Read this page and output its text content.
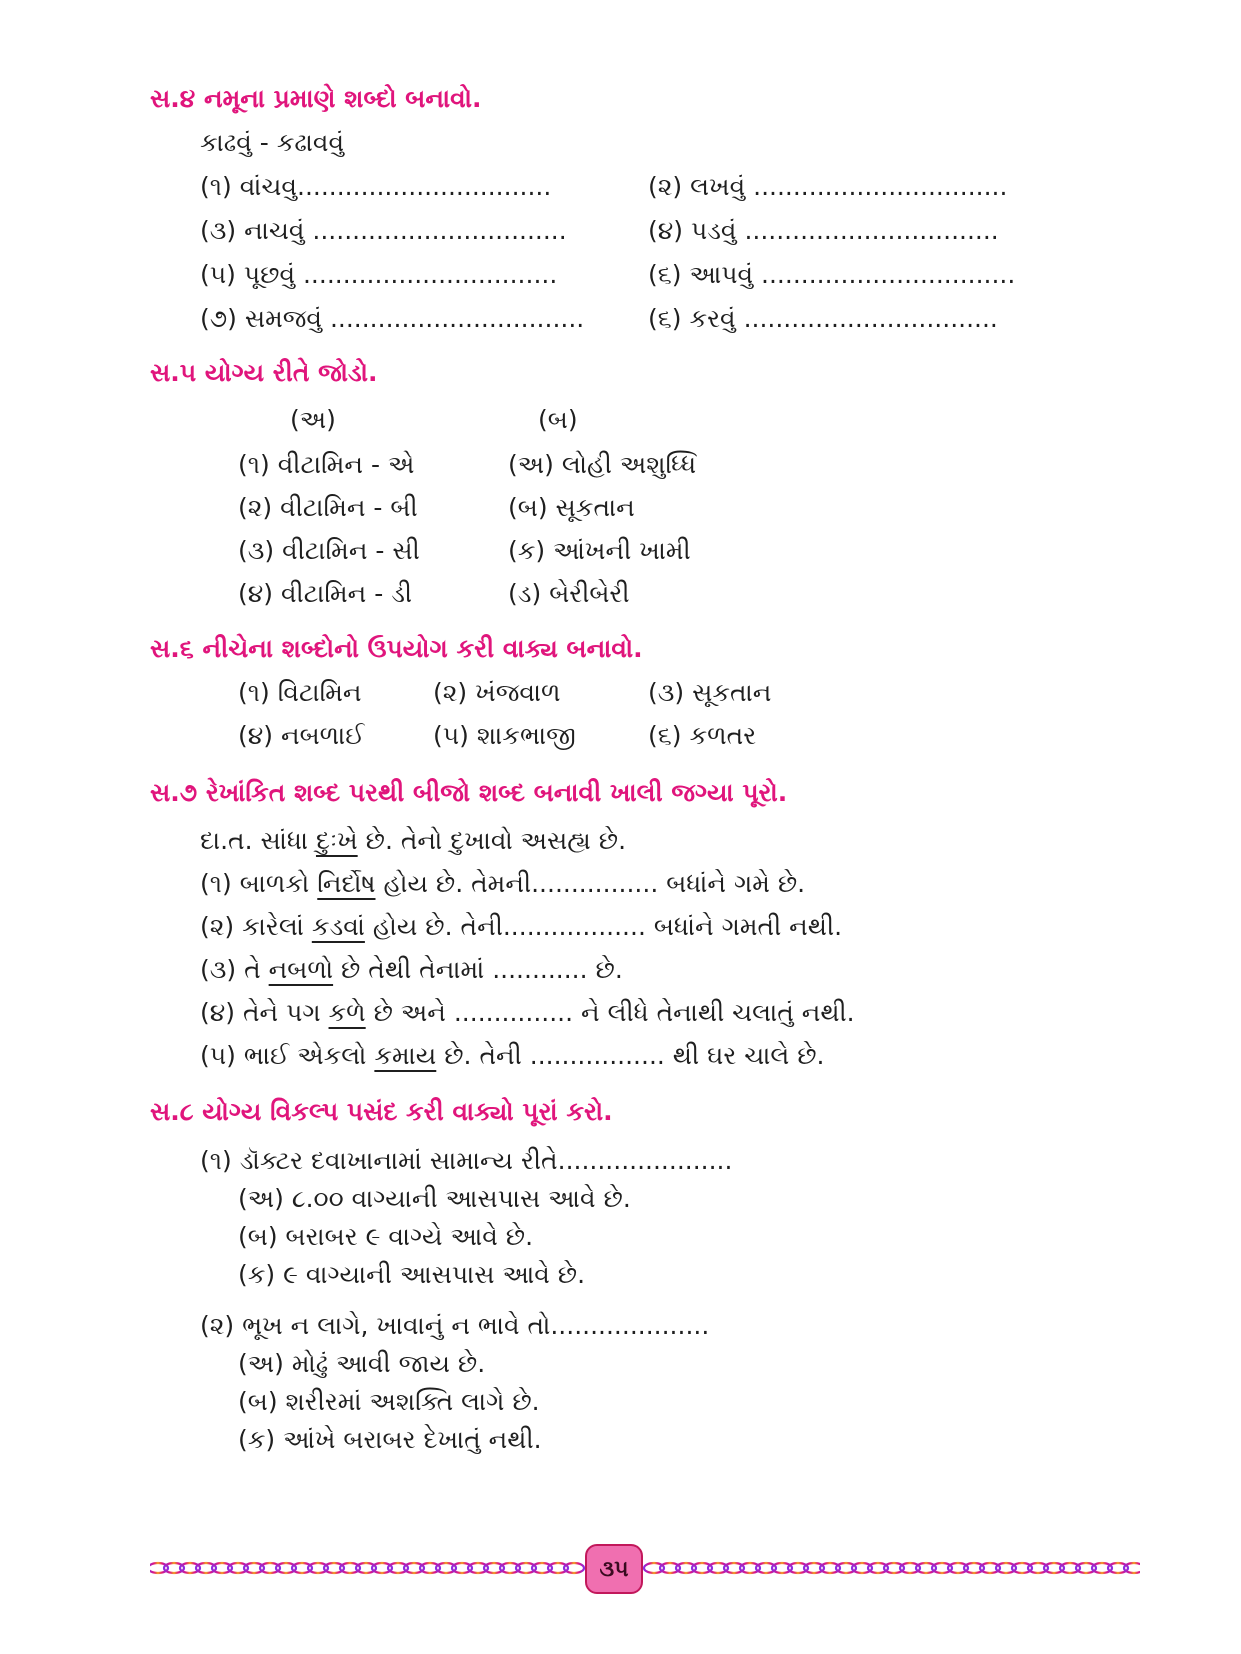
સ.૪ નમૂના પ્રમાણે શબ્દો બનાવો.
કાઢવું - કઢાવવું
(૧) વાંચવુ................................	(૨) લખવું ................................
(૩) નાચવું ................................	(૪) પડવું ................................
(૫) પૂછવું ................................	(૬) આપવું ................................
(૭) સમજવું ................................	(૬) કરવું ................................
સ.૫ યોગ્ય રીતે જોડો.
(અ)	(બ)
(૧) વીટામિન - એ	(અ) લોહી અશુધ્ધિ
(૨) વીટામિન - બી	(બ) સૂકતાન
(૩) વીટામિન - સી	(ક) આંખની ખામી
(૪) વીટામિન - ડી	(ડ) બેરીબેરી
સ.૬ નીચેના શબ્દોનો ઉપયોગ કરી વાક્ય બનાવો.
(૧) વિટામિન	(૨) ખંજવાળ	(૩) સૂકતાન
(૪) નબળાઈ	(૫) શાકભાજી	(૬) કળતર
સ.૭ રેખાંકિત શબ્દ પરથી બીજો શબ્દ બનાવી ખાલી જગ્યા પૂરો.
દા.ત. સાંધા દુઃખે છે. તેનો દુખાવો અસહ્ય છે.
(૧) બાળકો નિર્દોષ હોય છે. તેમની................ બધાંને ગમે છે.
(૨) કારેલાં કડવાં હોય છે. તેની.................. બધાંને ગમતી નથી.
(૩) તે નબળો છે તેથી તેનામાં ............ છે.
(૪) તેને પગ કળે છે અને ............... ને લીધે તેનાથી ચલાતું નથી.
(૫) ભાઈ એકલો કમાય છે. તેની ................. થી ઘર ચાલે છે.
સ.૮ યોગ્ય વિકલ્પ પસંદ કરી વાક્યો પૂરાં કરો.
(૧) ડૉક્ટર દવાખાનામાં સામાન્ય રીતે......................
(અ) ૮.૦૦ વાગ્યાની આસપાસ આવે છે.
(બ) બરાબર ૯ વાગ્યે આવે છે.
(ક) ૯ વાગ્યાની આસપાસ આવે છે.
(૨) ભૂખ ન લાગે, ખાવાનું ન ભાવે તો....................
(અ) મોઢું આવી જાય છે.
(બ) શરીરમાં અશક્તિ લાગે છે.
(ક) આંખે બરાબર દેખાતું નથી.
૩૫
